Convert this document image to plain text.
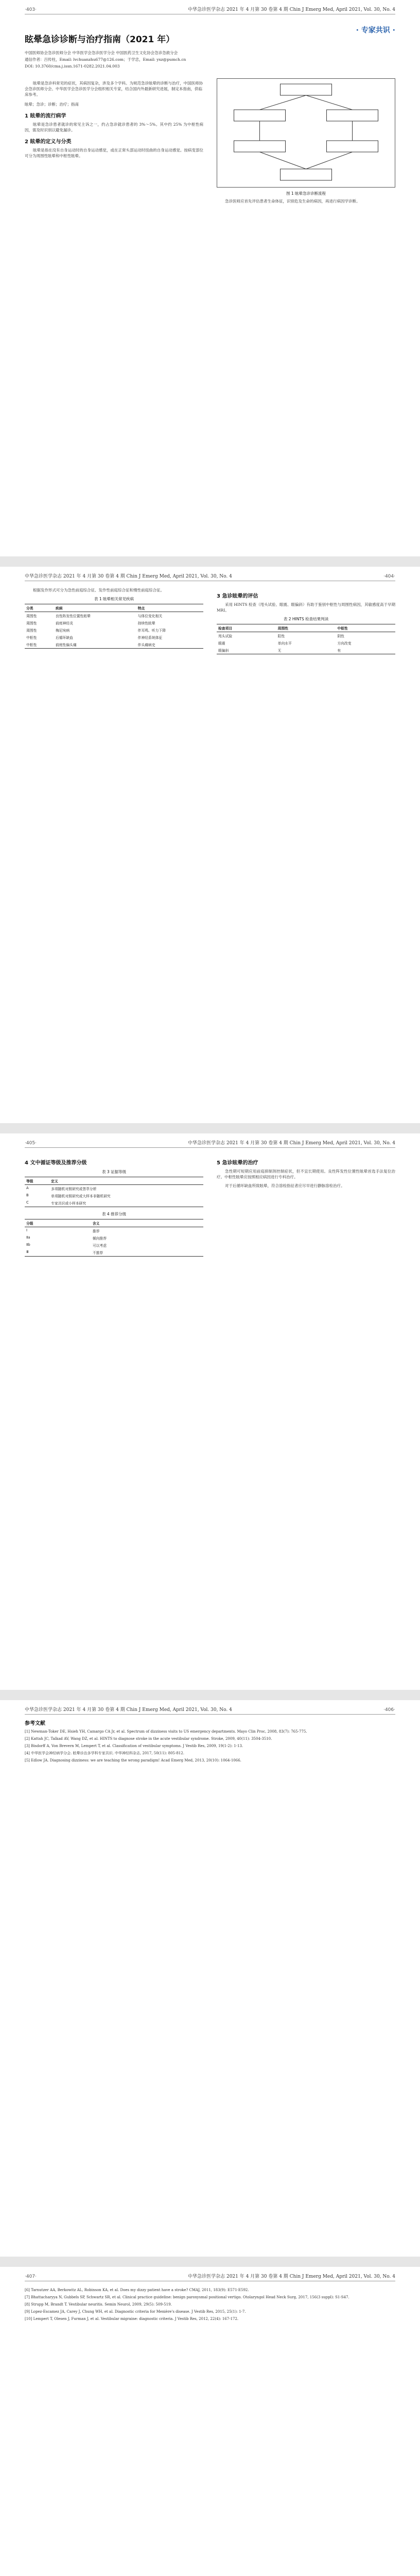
·403·	中华急诊医学杂志 2021 年 4 月第 30 卷第 4 期 Chin J Emerg Med, April 2021, Vol. 30, No. 4
· 专家共识 ·
眩晕急诊诊断与治疗指南（2021 年）

中国医师协会急诊医师分会 中华医学会急诊医学分会 中国医药卫生文化协会急诊急救分会

通信作者：吕传柱，Email: lvchuanzhu677@126.com；于学忠，Email: yxz@pumch.cn

DOI: 10.3760/cma.j.issn.1671-0282.2021.04.003

眩晕是急诊科常见的症状，其病因复杂，涉及多个学科。为规范急诊眩晕的诊断与治疗，中国医师协会急诊医师分会、中华医学会急诊医学分会组织相关专家，结合国内外最新研究进展，制定本指南，供临床参考。

眩晕；急诊；诊断；治疗；指南

1 眩晕的流行病学

眩晕是急诊患者就诊的常见主诉之一，约占急诊就诊患者的 3%～5%。其中约 25% 为中枢性病因，需及时识别以避免漏诊。

2 眩晕的定义与分类

眩晕是指在没有自身运动时的自身运动感觉，或在正常头部运动时扭曲的自身运动感觉。按病变部位可分为周围性眩晕和中枢性眩晕。

图 1 眩晕急诊诊断流程

急诊医师应首先评估患者生命体征，识别危及生命的病因，再进行病因学诊断。

中华急诊医学杂志 2021 年 4 月第 30 卷第 4 期 Chin J Emerg Med, April 2021, Vol. 30, No. 4	·404·

根据发作形式可分为急性前庭综合征、发作性前庭综合征和慢性前庭综合征。

表 1 眩晕相关常见疾病
分类	疾病	特点
周围性	良性阵发性位置性眩晕	与体位变化相关
周围性	前庭神经炎	持续性眩晕
周围性	梅尼埃病	伴耳鸣、听力下降
中枢性	后循环缺血	伴神经系统体征
中枢性	前庭性偏头痛	伴头痛病史
3 急诊眩晕的评估

采用 HINTS 检查（甩头试验、眼震、眼偏斜）有助于鉴别中枢性与周围性病因，其敏感度高于早期 MRI。

表 2 HINTS 检查结果判读
检查项目	周围性	中枢性
甩头试验	阳性	阴性
眼震	单向水平	方向改变
眼偏斜	无	有
·405·	中华急诊医学杂志 2021 年 4 月第 30 卷第 4 期 Chin J Emerg Med, April 2021, Vol. 30, No. 4
4 文中循证等级及推荐分级
表 3 证据等级
等级	定义
A	多项随机对照研究或荟萃分析
B	单项随机对照研究或大样本非随机研究
C	专家共识或小样本研究
表 4 推荐分级
分级	含义
Ⅰ	推荐
Ⅱa	倾向推荐
Ⅱb	可以考虑
Ⅲ	不推荐
5 急诊眩晕的治疗

急性期可短期应用前庭抑制剂控制症状，但不宜长期使用。良性阵发性位置性眩晕首选手法复位治疗。中枢性眩晕应按照相应病因进行专科治疗。

对于后循环缺血所致眩晕，符合溶栓指征者应尽早进行静脉溶栓治疗。

中华急诊医学杂志 2021 年 4 月第 30 卷第 4 期 Chin J Emerg Med, April 2021, Vol. 30, No. 4	·406·
参考文献

[1] Newman-Toker DE, Hsieh YH, Camargo CA Jr, et al. Spectrum of dizziness visits to US emergency departments. Mayo Clin Proc, 2008, 83(7): 765-775.

[2] Kattah JC, Talkad AV, Wang DZ, et al. HINTS to diagnose stroke in the acute vestibular syndrome. Stroke, 2009, 40(11): 3504-3510.

[3] Bisdorff A, Von Brevern M, Lempert T, et al. Classification of vestibular symptoms. J Vestib Res, 2009, 19(1-2): 1-13.

[4] 中华医学会神经病学分会. 眩晕诊治多学科专家共识. 中华神经科杂志, 2017, 50(11): 805-812.

[5] Edlow JA. Diagnosing dizziness: we are teaching the wrong paradigm! Acad Emerg Med, 2013, 20(10): 1064-1066.

·407·	中华急诊医学杂志 2021 年 4 月第 30 卷第 4 期 Chin J Emerg Med, April 2021, Vol. 30, No. 4

[6] Tarnutzer AA, Berkowitz AL, Robinson KA, et al. Does my dizzy patient have a stroke? CMAJ, 2011, 183(9): E571-E592.

[7] Bhattacharyya N, Gubbels SP, Schwartz SR, et al. Clinical practice guideline: benign paroxysmal positional vertigo. Otolaryngol Head Neck Surg, 2017, 156(3 suppl): S1-S47.

[8] Strupp M, Brandt T. Vestibular neuritis. Semin Neurol, 2009, 29(5): 509-519.

[9] Lopez-Escamez JA, Carey J, Chung WH, et al. Diagnostic criteria for Menière's disease. J Vestib Res, 2015, 25(1): 1-7.

[10] Lempert T, Olesen J, Furman J, et al. Vestibular migraine: diagnostic criteria. J Vestib Res, 2012, 22(4): 167-172.
